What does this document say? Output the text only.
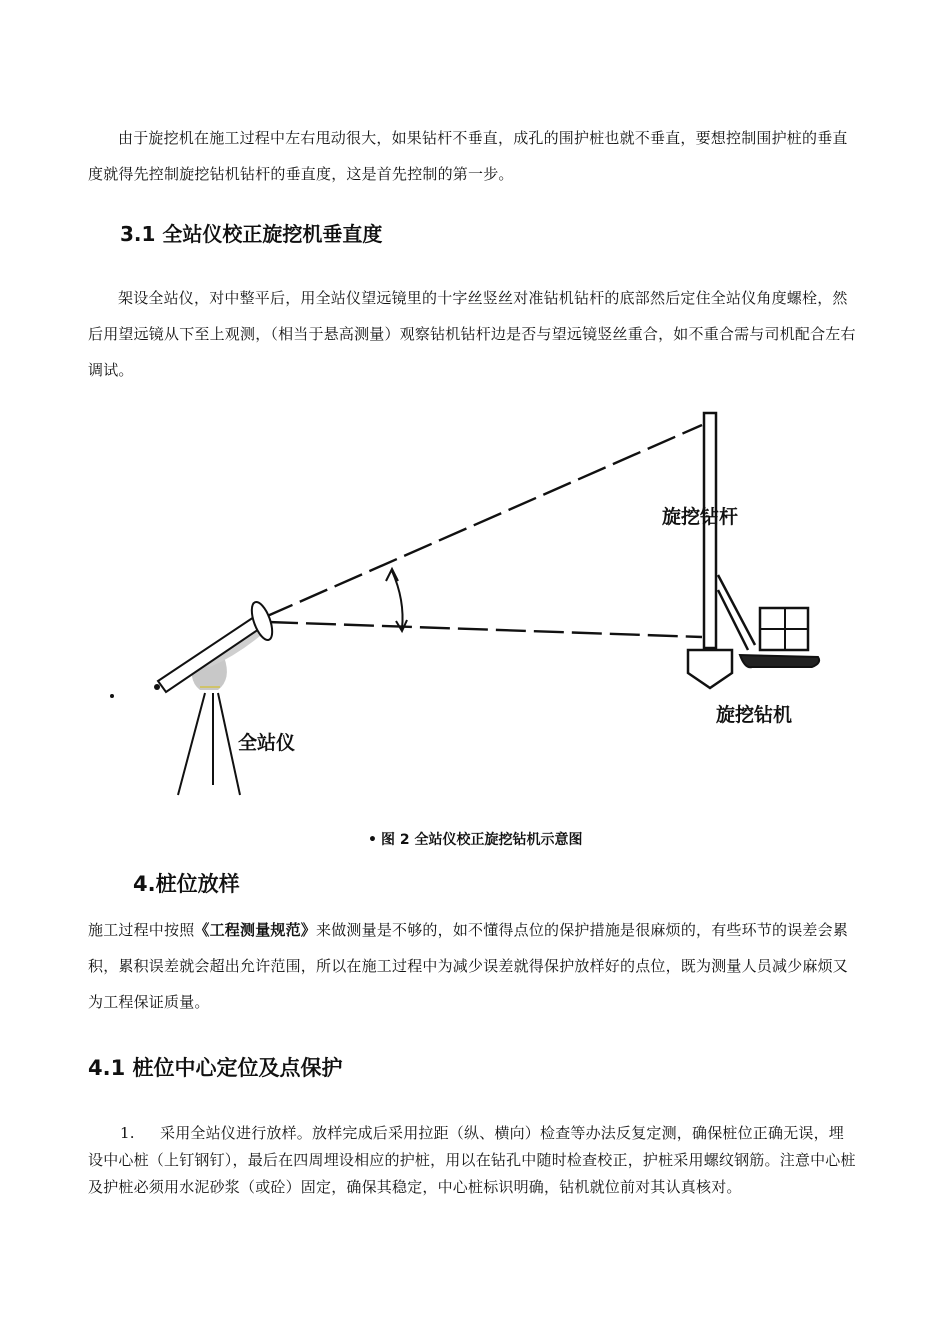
由于旋挖机在施工过程中左右甩动很大，如果钻杆不垂直，成孔的围护桩也就不垂直，要想控制围护桩的垂直度就得先控制旋挖钻机钻杆的垂直度，这是首先控制的第一步。

3.1 全站仪校正旋挖机垂直度

架设全站仪，对中整平后，用全站仪望远镜里的十字丝竖丝对准钻机钻杆的底部然后定住全站仪角度螺栓，然后用望远镜从下至上观测，（相当于悬高测量）观察钻机钻杆边是否与望远镜竖丝重合，如不重合需与司机配合左右调试。

旋挖钻杆
旋挖钻机
全站仪
• 图 2 全站仪校正旋挖钻机示意图
4.桩位放样

施工过程中按照《工程测量规范》来做测量是不够的，如不懂得点位的保护措施是很麻烦的，有些环节的误差会累积，累积误差就会超出允许范围，所以在施工过程中为减少误差就得保护放样好的点位，既为测量人员减少麻烦又为工程保证质量。

4.1 桩位中心定位及点保护

1. 采用全站仪进行放样。放样完成后采用拉距（纵、横向）检查等办法反复定测，确保桩位正确无误，埋设中心桩（上钉钢钉），最后在四周埋设相应的护桩，用以在钻孔中随时检查校正，护桩采用螺纹钢筋。注意中心桩及护桩必须用水泥砂浆（或砼）固定，确保其稳定，中心桩标识明确，钻机就位前对其认真核对。
